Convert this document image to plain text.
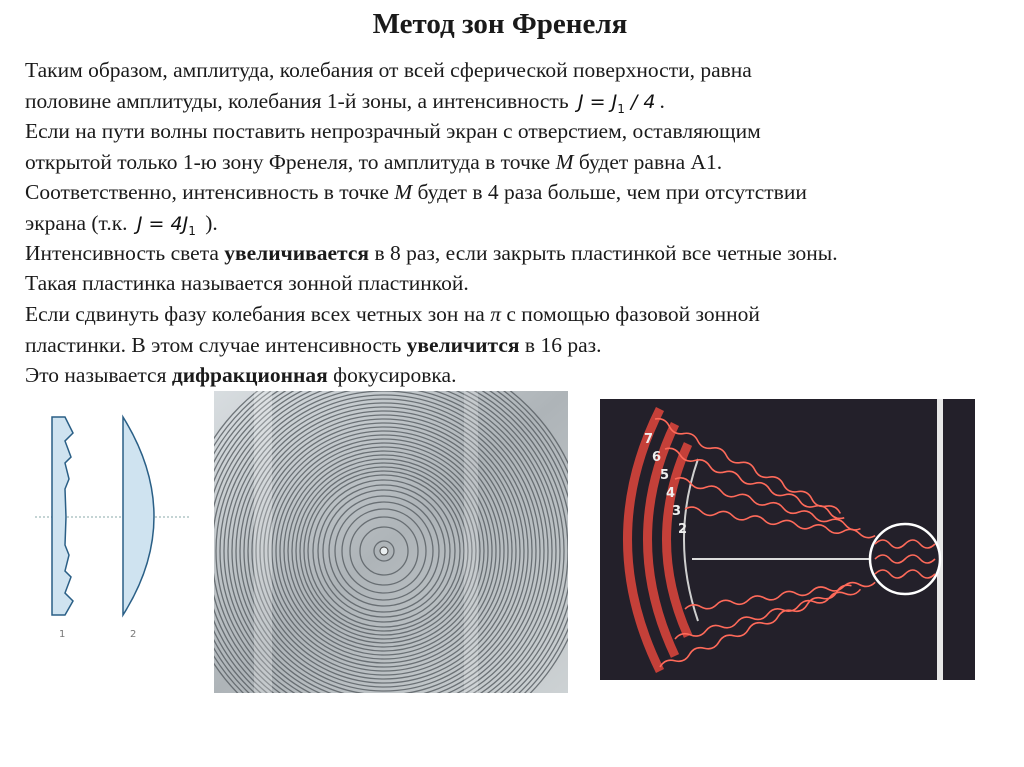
Метод зон Френеля

Таким образом, амплитуда, колебания от всей сферической поверхности, равна
половине амплитуды, колебания 1-й зоны, а интенсивность $J = J_1 / 4$ .

Если на пути волны поставить непрозрачный экран с отверстием, оставляющим
открытой только 1-ю зону Френеля, то амплитуда в точке M будет равна A1.

Соответственно, интенсивность в точке M будет в 4 раза больше, чем при отсутствии
экрана (т.к. $J = 4J_1$ ).

Интенсивность света увеличивается в 8 раз, если закрыть пластинкой все четные зоны.

Такая пластинка называется зонной пластинкой.

Если сдвинуть фазу колебания всех четных зон на π с помощью фазовой зонной
пластинки. В этом случае интенсивность увеличится в 16 раз.

Это называется дифракционная фокусировка.

1	2
7
6
5
4
3
2
